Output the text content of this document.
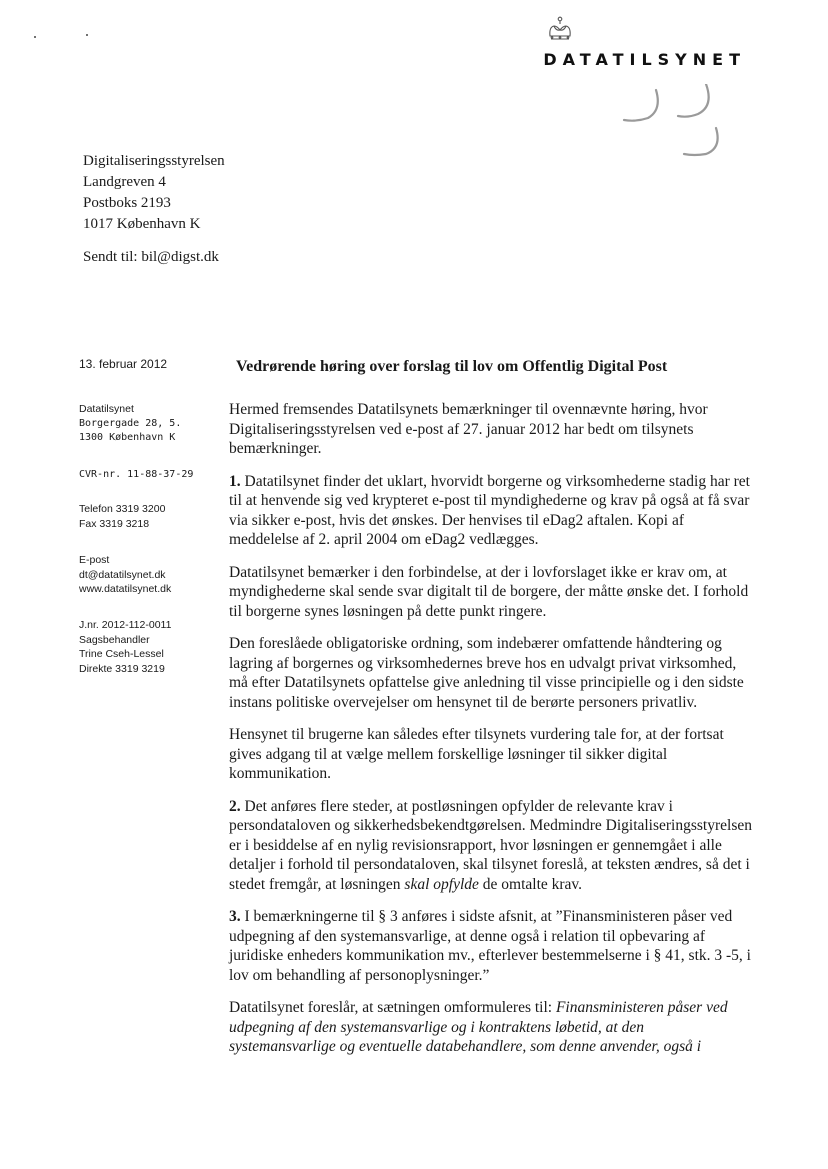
DATATILSYNET
Digitaliseringsstyrelsen
Landgreven 4
Postboks 2193
1017 København K
Sendt til: bil@digst.dk
13. februar 2012
Datatilsynet
Borgergade 28, 5.
1300 København K
CVR-nr. 11-88-37-29
Telefon 3319 3200
Fax 3319 3218
E-post
dt@datatilsynet.dk
www.datatilsynet.dk
J.nr. 2012-112-0011
Sagsbehandler
Trine Cseh-Lessel
Direkte 3319 3219
Vedrørende høring over forslag til lov om Offentlig Digital Post

Hermed fremsendes Datatilsynets bemærkninger til ovennævnte høring, hvor Digitaliseringsstyrelsen ved e-post af 27. januar 2012 har bedt om tilsynets bemærkninger.

1. Datatilsynet finder det uklart, hvorvidt borgerne og virksomhederne stadig har ret til at henvende sig ved krypteret e-post til myndighederne og krav på også at få svar via sikker e-post, hvis det ønskes. Der henvises til eDag2 aftalen. Kopi af meddelelse af 2. april 2004 om eDag2 vedlægges.

Datatilsynet bemærker i den forbindelse, at der i lovforslaget ikke er krav om, at myndighederne skal sende svar digitalt til de borgere, der måtte ønske det. I forhold til borgerne synes løsningen på dette punkt ringere.

Den foreslåede obligatoriske ordning, som indebærer omfattende håndtering og lagring af borgernes og virksomhedernes breve hos en udvalgt privat virksomhed, må efter Datatilsynets opfattelse give anledning til visse principielle og i den sidste instans politiske overvejelser om hensynet til de berørte personers privatliv.

Hensynet til brugerne kan således efter tilsynets vurdering tale for, at der fortsat gives adgang til at vælge mellem forskellige løsninger til sikker digital kommunikation.

2. Det anføres flere steder, at postløsningen opfylder de relevante krav i persondataloven og sikkerhedsbekendtgørelsen. Medmindre Digitaliseringsstyrelsen er i besiddelse af en nylig revisionsrapport, hvor løsningen er gennemgået i alle detaljer i forhold til persondataloven, skal tilsynet foreslå, at teksten ændres, så det i stedet fremgår, at løsningen skal opfylde de omtalte krav.

3. I bemærkningerne til § 3 anføres i sidste afsnit, at ”Finansministeren påser ved udpegning af den systemansvarlige, at denne også i relation til opbevaring af juridiske enheders kommunikation mv., efterlever bestemmelserne i § 41, stk. 3 -5, i lov om behandling af personoplysninger.”

Datatilsynet foreslår, at sætningen omformuleres til: Finansministeren påser ved udpegning af den systemansvarlige og i kontraktens løbetid, at den systemansvarlige og eventuelle databehandlere, som denne anvender, også i
